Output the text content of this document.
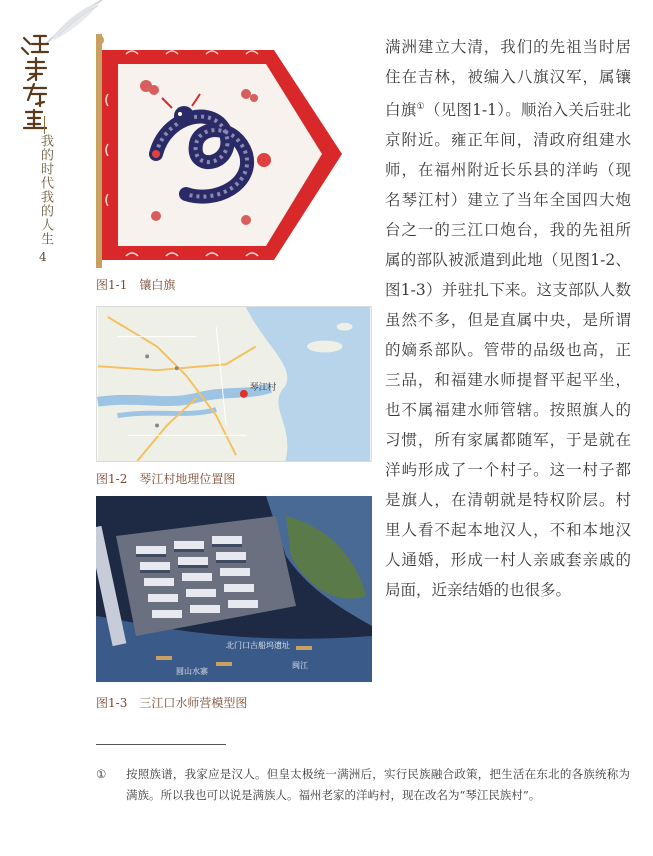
我的时代我的人生
4
图1-1　镶白旗
琴江村
图1-2　琴江村地理位置图
北门口古船坞遗址
圆山水寨
闽江
图1-3　三江口水师营模型图

满洲建立大清，我们的先祖当时居住在吉林，被编入八旗汉军，属镶白旗①（见图1-1）。顺治入关后驻北京附近。雍正年间，清政府组建水师，在福州附近长乐县的洋屿（现名琴江村）建立了当年全国四大炮台之一的三江口炮台，我的先祖所属的部队被派遣到此地（见图1-2、图1-3）并驻扎下来。这支部队人数虽然不多，但是直属中央，是所谓的嫡系部队。管带的品级也高，正三品，和福建水师提督平起平坐，也不属福建水师管辖。按照旗人的习惯，所有家属都随军，于是就在洋屿形成了一个村子。这一村子都是旗人，在清朝就是特权阶层。村里人看不起本地汉人，不和本地汉人通婚，形成一村人亲戚套亲戚的局面，近亲结婚的也很多。

① 按照族谱，我家应是汉人。但皇太极统一满洲后，实行民族融合政策，把生活在东北的各族统称为满族。所以我也可以说是满族人。福州老家的洋屿村，现在改名为“琴江民族村”。
